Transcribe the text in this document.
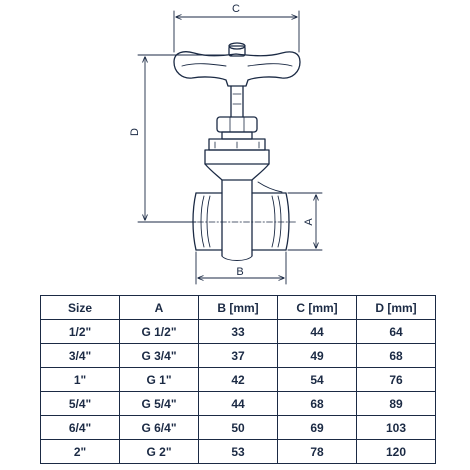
C
D
B
A
Size	A	B [mm]	C [mm]	D [mm]
1/2"	G 1/2"	33	44	64
3/4"	G 3/4"	37	49	68
1"	G 1"	42	54	76
5/4"	G 5/4"	44	68	89
6/4"	G 6/4"	50	69	103
2"	G 2"	53	78	120
